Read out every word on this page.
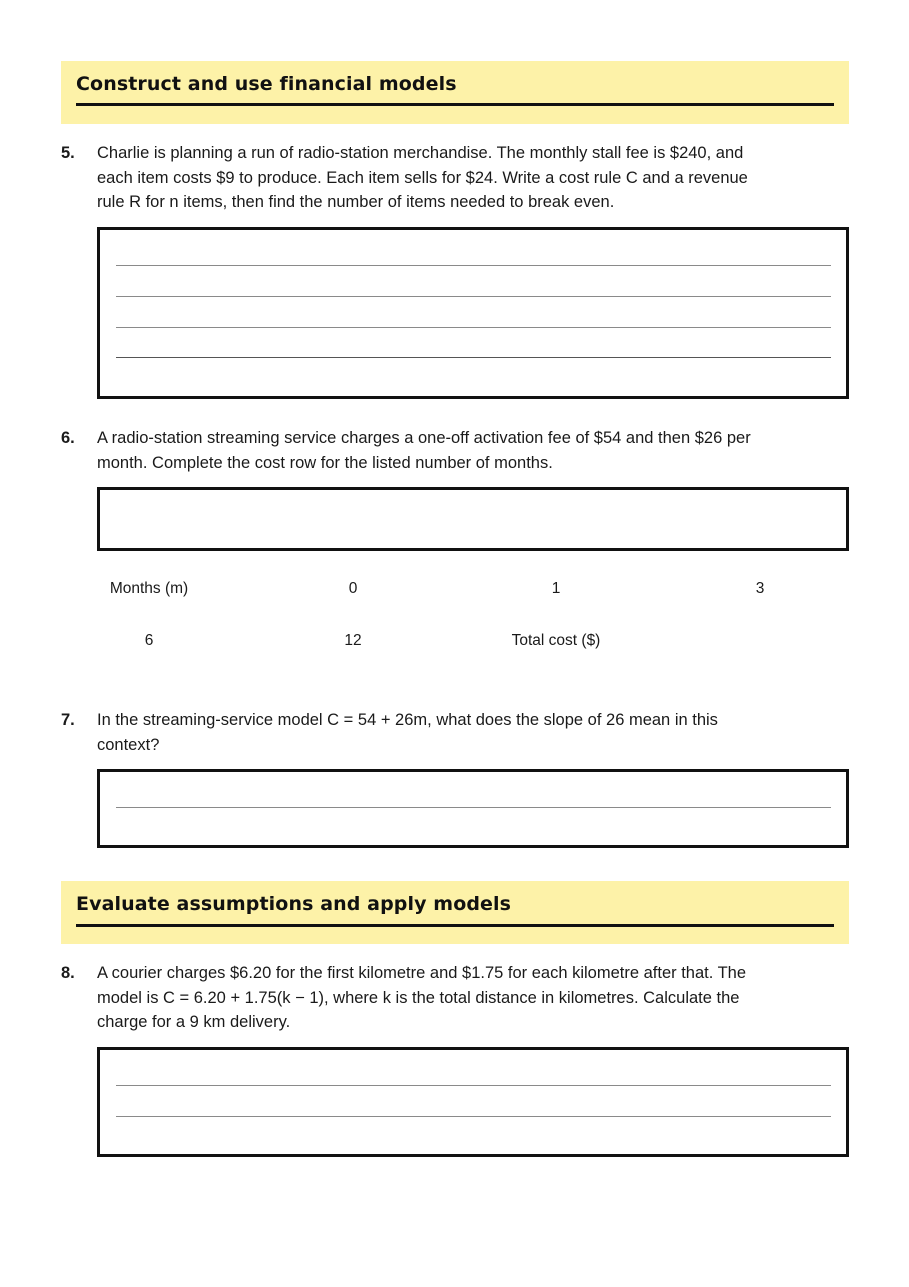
Construct and use financial models
5. Charlie is planning a run of radio-station merchandise. The monthly stall fee is $240, and
each item costs $9 to produce. Each item sells for $24. Write a cost rule C and a revenue
rule R for n items, then find the number of items needed to break even.
6. A radio-station streaming service charges a one-off activation fee of $54 and then $26 per
month. Complete the cost row for the listed number of months.
Months (m)	0	1	3
6	12	Total cost ($)
7. In the streaming-service model C = 54 + 26m, what does the slope of 26 mean in this
context?
Evaluate assumptions and apply models
8. A courier charges $6.20 for the first kilometre and $1.75 for each kilometre after that. The
model is C = 6.20 + 1.75(k − 1), where k is the total distance in kilometres. Calculate the
charge for a 9 km delivery.
